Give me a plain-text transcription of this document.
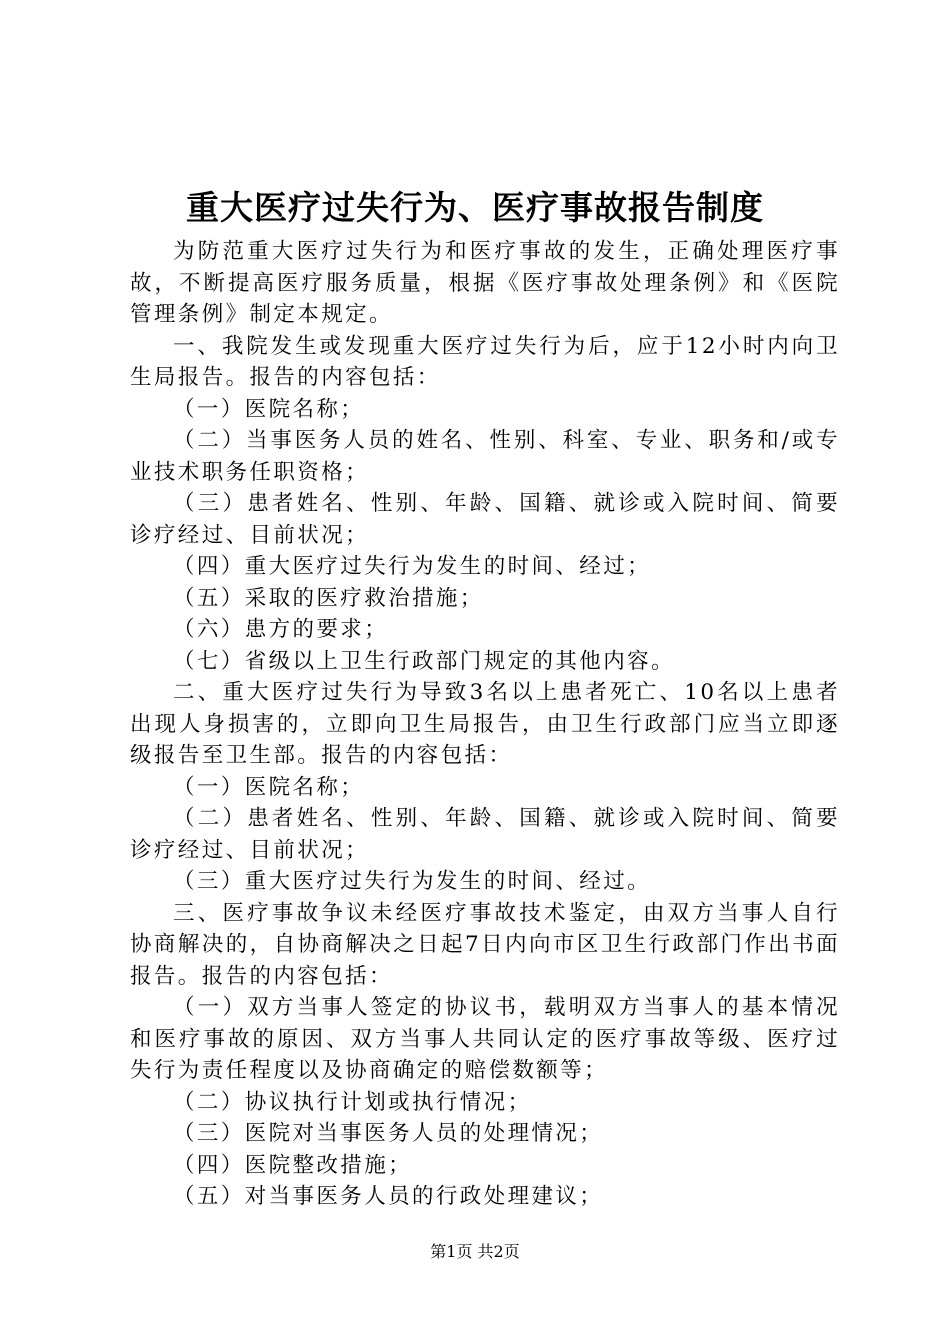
重大医疗过失行为、医疗事故报告制度

为防范重大医疗过失行为和医疗事故的发生，正确处理医疗事故，不断提高医疗服务质量，根据《医疗事故处理条例》和《医院管理条例》制定本规定。

一、我院发生或发现重大医疗过失行为后，应于12小时内向卫生局报告。报告的内容包括：

（一）医院名称；

（二）当事医务人员的姓名、性别、科室、专业、职务和/或专业技术职务任职资格；

（三）患者姓名、性别、年龄、国籍、就诊或入院时间、简要诊疗经过、目前状况；

（四）重大医疗过失行为发生的时间、经过；

（五）采取的医疗救治措施；

（六）患方的要求；

（七）省级以上卫生行政部门规定的其他内容。

二、重大医疗过失行为导致3名以上患者死亡、10名以上患者出现人身损害的，立即向卫生局报告，由卫生行政部门应当立即逐级报告至卫生部。报告的内容包括：

（一）医院名称；

（二）患者姓名、性别、年龄、国籍、就诊或入院时间、简要诊疗经过、目前状况；

（三）重大医疗过失行为发生的时间、经过。

三、医疗事故争议未经医疗事故技术鉴定，由双方当事人自行协商解决的，自协商解决之日起7日内向市区卫生行政部门作出书面报告。报告的内容包括：

（一）双方当事人签定的协议书，载明双方当事人的基本情况和医疗事故的原因、双方当事人共同认定的医疗事故等级、医疗过失行为责任程度以及协商确定的赔偿数额等；

（二）协议执行计划或执行情况；

（三）医院对当事医务人员的处理情况；

（四）医院整改措施；

（五）对当事医务人员的行政处理建议；

第1页 共2页
